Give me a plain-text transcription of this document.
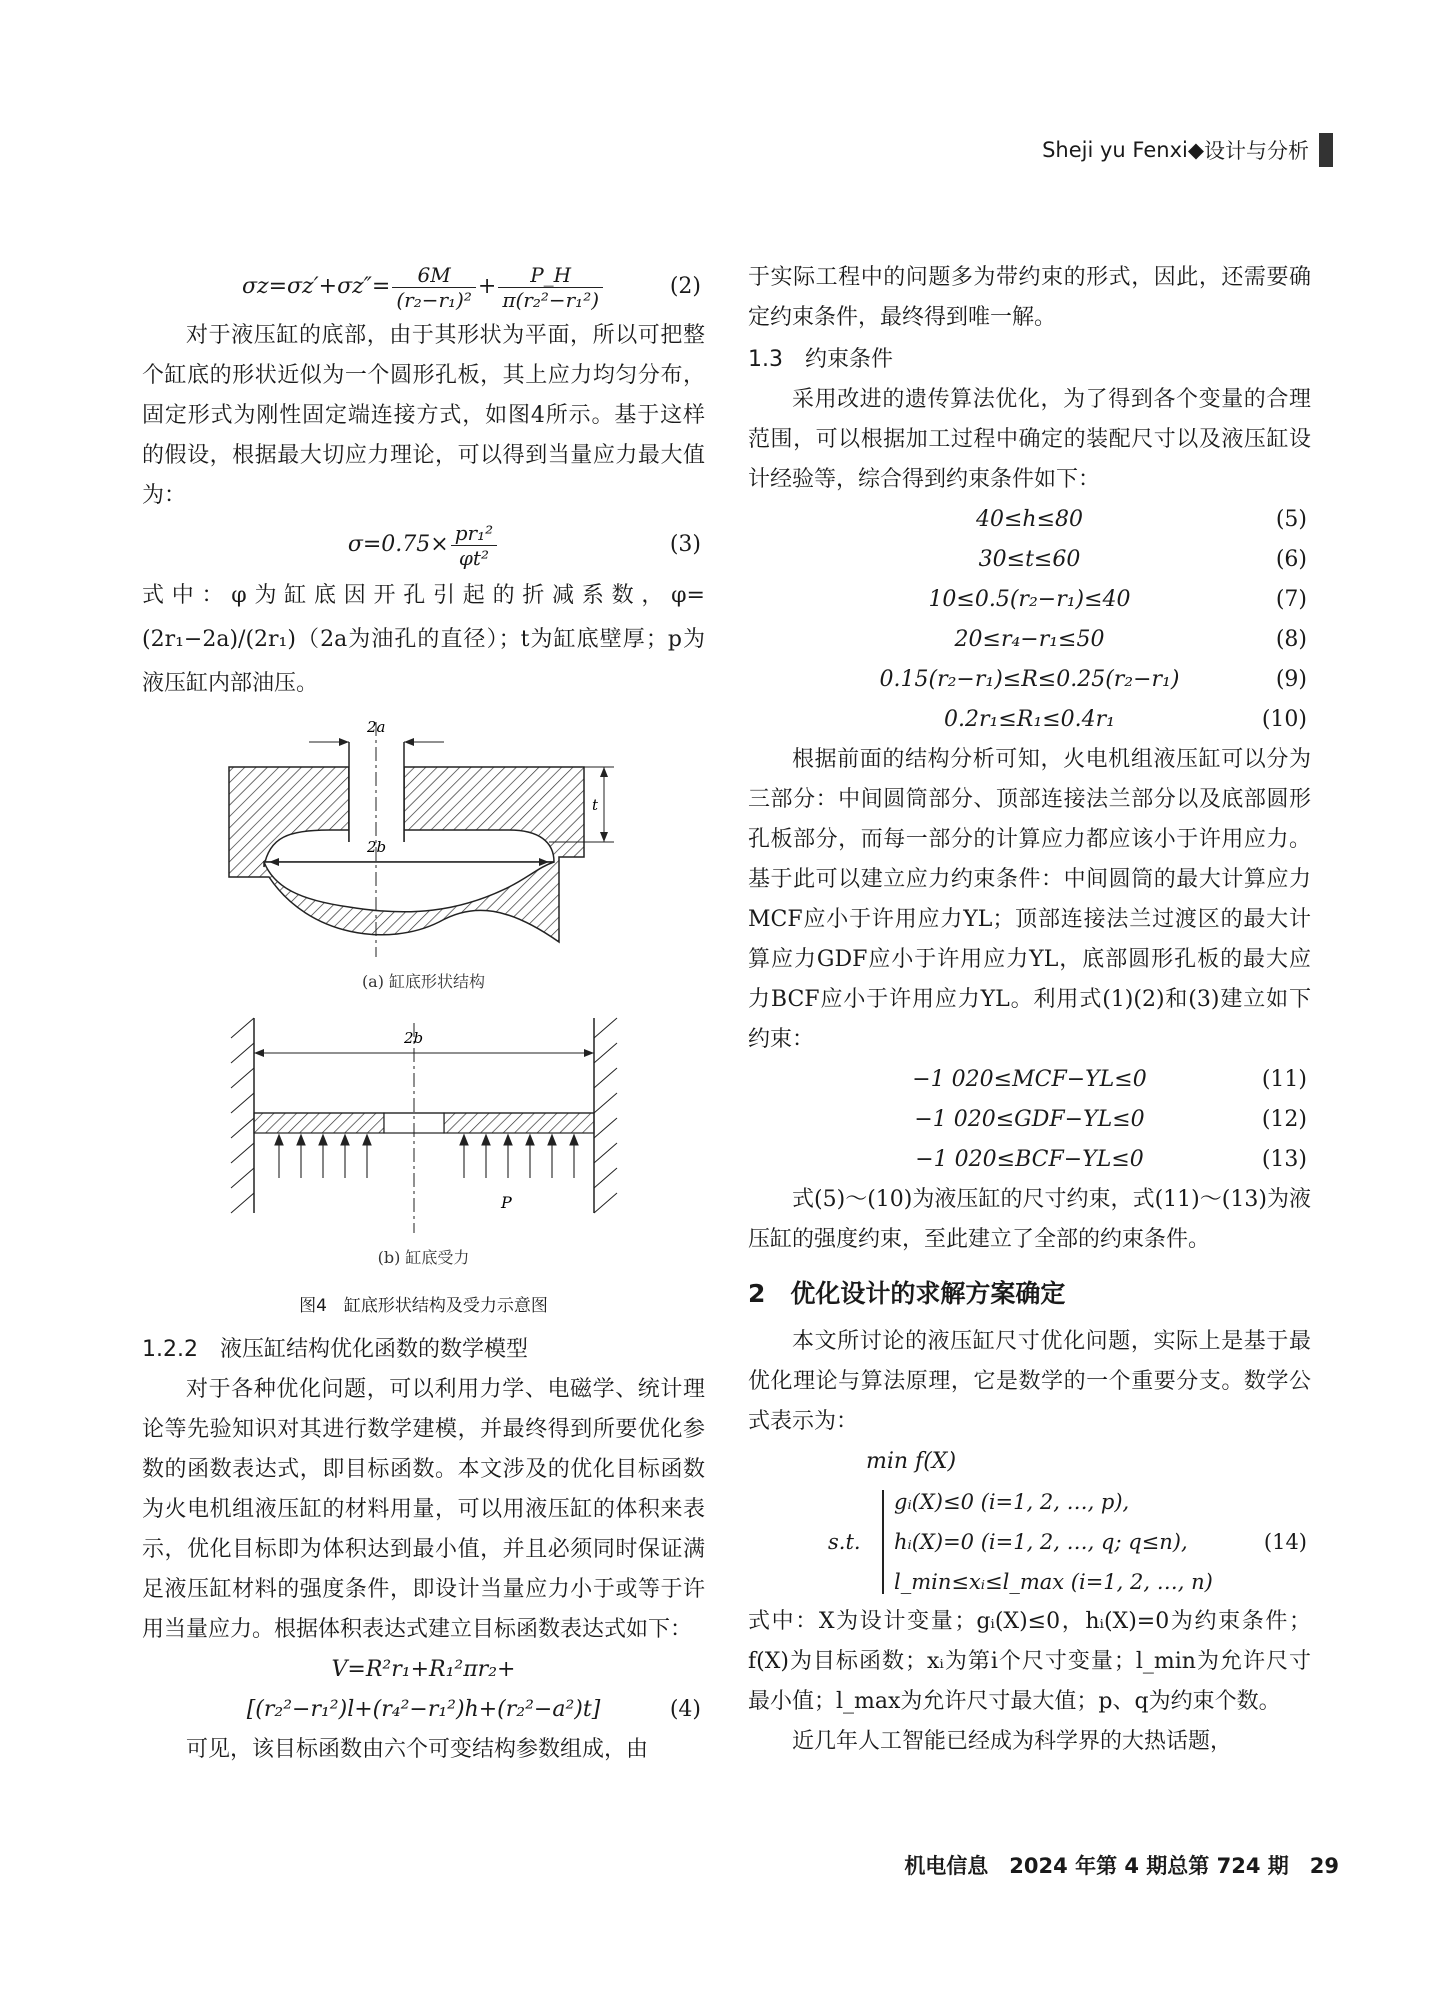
Sheji yu Fenxi ◆ 设计与分析
$\sigma z=\sigma z'+\sigma z''= \frac{6M}{\text{(r₂−r₁)²}} + \frac{P\_H}{\text{π(r₂²−r₁²)}}$	(2)

对于液压缸的底部，由于其形状为平面，所以可把整个缸底的形状近似为一个圆形孔板，其上应力均匀分布，固定形式为刚性固定端连接方式，如图4所示。基于这样的假设，根据最大切应力理论，可以得到当量应力最大值为：

$\sigma=0.75\times \frac{\text{pr₁²}}{\text{φt²}}$	(3)

式中：φ为缸底因开孔引起的折减系数，φ= (2r₁−2a)/(2r₁)（2a为油孔的直径）；t为缸底壁厚；p为液压缸内部油压。

2a
t
2b
(a) 缸底形状结构
2b
P
(b) 缸底受力
图4　缸底形状结构及受力示意图
1.2.2　液压缸结构优化函数的数学模型

对于各种优化问题，可以利用力学、电磁学、统计理论等先验知识对其进行数学建模，并最终得到所要优化参数的函数表达式，即目标函数。本文涉及的优化目标函数为火电机组液压缸的材料用量，可以用液压缸的体积来表示，优化目标即为体积达到最小值，并且必须同时保证满足液压缸材料的强度条件，即设计当量应力小于或等于许用当量应力。根据体积表达式建立目标函数表达式如下：

V=R²r₁+R₁²πr₂+
[(r₂²−r₁²)l+(r₄²−r₁²)h+(r₂²−a²)t]	(4)

可见，该目标函数由六个可变结构参数组成，由

于实际工程中的问题多为带约束的形式，因此，还需要确定约束条件，最终得到唯一解。

1.3　约束条件

采用改进的遗传算法优化，为了得到各个变量的合理范围，可以根据加工过程中确定的装配尺寸以及液压缸设计经验等，综合得到约束条件如下：

40≤h≤80	(5)
30≤t≤60	(6)
10≤0.5(r₂−r₁)≤40	(7)
20≤r₄−r₁≤50	(8)
0.15(r₂−r₁)≤R≤0.25(r₂−r₁)	(9)
0.2r₁≤R₁≤0.4r₁	(10)

根据前面的结构分析可知，火电机组液压缸可以分为三部分：中间圆筒部分、顶部连接法兰部分以及底部圆形孔板部分，而每一部分的计算应力都应该小于许用应力。基于此可以建立应力约束条件：中间圆筒的最大计算应力MCF应小于许用应力YL；顶部连接法兰过渡区的最大计算应力GDF应小于许用应力YL，底部圆形孔板的最大应力BCF应小于许用应力YL。利用式(1)(2)和(3)建立如下约束：

−1 020≤MCF−YL≤0	(11)
−1 020≤GDF−YL≤0	(12)
−1 020≤BCF−YL≤0	(13)

式(5)～(10)为液压缸的尺寸约束，式(11)～(13)为液压缸的强度约束，至此建立了全部的约束条件。

2　优化设计的求解方案确定

本文所讨论的液压缸尺寸优化问题，实际上是基于最优化理论与算法原理，它是数学的一个重要分支。数学公式表示为：

min f(X)
s.t.
gᵢ(X)≤0 (i=1, 2, …, p),
hᵢ(X)=0 (i=1, 2, …, q; q≤n),
l_min≤xᵢ≤l_max (i=1, 2, …, n)
(14)

式中：X为设计变量；gᵢ(X)≤0，hᵢ(X)=0为约束条件；f(X)为目标函数；xᵢ为第i个尺寸变量；l_min为允许尺寸最小值；l_max为允许尺寸最大值；p、q为约束个数。

近几年人工智能已经成为科学界的大热话题，

机电信息　2024 年第 4 期总第 724 期　29
